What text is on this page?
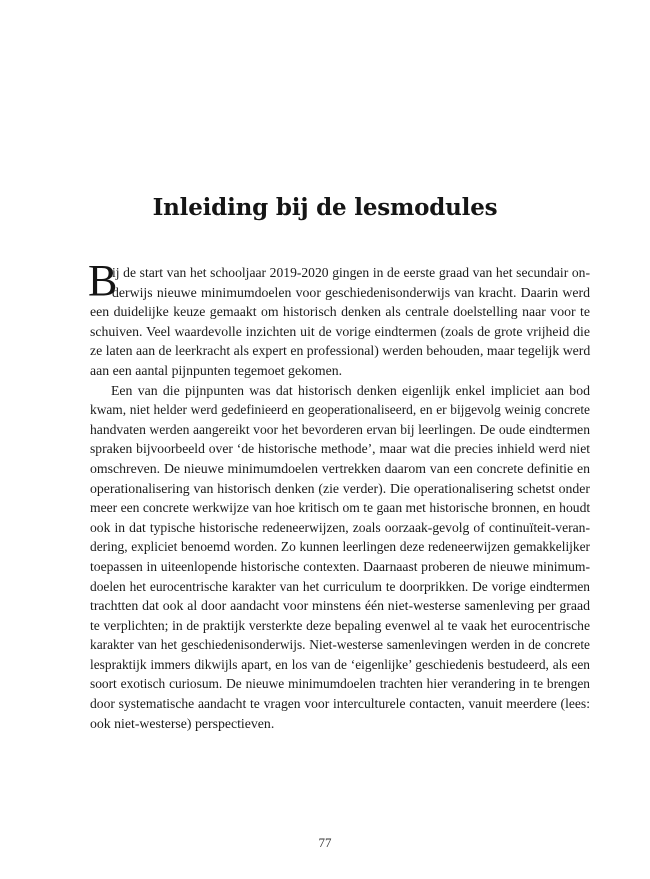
Inleiding bij de lesmodules
B
ij de start van het schooljaar 2019-2020 gingen in de eerste graad van het secundair on-
derwijs nieuwe minimumdoelen voor geschiedenisonderwijs van kracht. Daarin werd
een duidelijke keuze gemaakt om historisch denken als centrale doelstelling naar voor te
schuiven. Veel waardevolle inzichten uit de vorige eindtermen (zoals de grote vrijheid die
ze laten aan de leerkracht als expert en professional) werden behouden, maar tegelijk werd
aan een aantal pijnpunten tegemoet gekomen.
Een van die pijnpunten was dat historisch denken eigenlijk enkel impliciet aan bod
kwam, niet helder werd gedefinieerd en geoperationaliseerd, en er bijgevolg weinig concrete
handvaten werden aangereikt voor het bevorderen ervan bij leerlingen. De oude eindtermen
spraken bijvoorbeeld over ‘de historische methode’, maar wat die precies inhield werd niet
omschreven. De nieuwe minimumdoelen vertrekken daarom van een concrete definitie en
operationalisering van historisch denken (zie verder). Die operationalisering schetst onder
meer een concrete werkwijze van hoe kritisch om te gaan met historische bronnen, en houdt
ook in dat typische historische redeneerwijzen, zoals oorzaak-gevolg of continuïteit-veran-
dering, expliciet benoemd worden. Zo kunnen leerlingen deze redeneerwijzen gemakkelijker
toepassen in uiteenlopende historische contexten. Daarnaast proberen de nieuwe minimum-
doelen het eurocentrische karakter van het curriculum te doorprikken. De vorige eindtermen
trachtten dat ook al door aandacht voor minstens één niet-westerse samenleving per graad
te verplichten; in de praktijk versterkte deze bepaling evenwel al te vaak het eurocentrische
karakter van het geschiedenisonderwijs. Niet-westerse samenlevingen werden in de concrete
lespraktijk immers dikwijls apart, en los van de ‘eigenlijke’ geschiedenis bestudeerd, als een
soort exotisch curiosum. De nieuwe minimumdoelen trachten hier verandering in te brengen
door systematische aandacht te vragen voor interculturele contacten, vanuit meerdere (lees:
ook niet-westerse) perspectieven.
77
